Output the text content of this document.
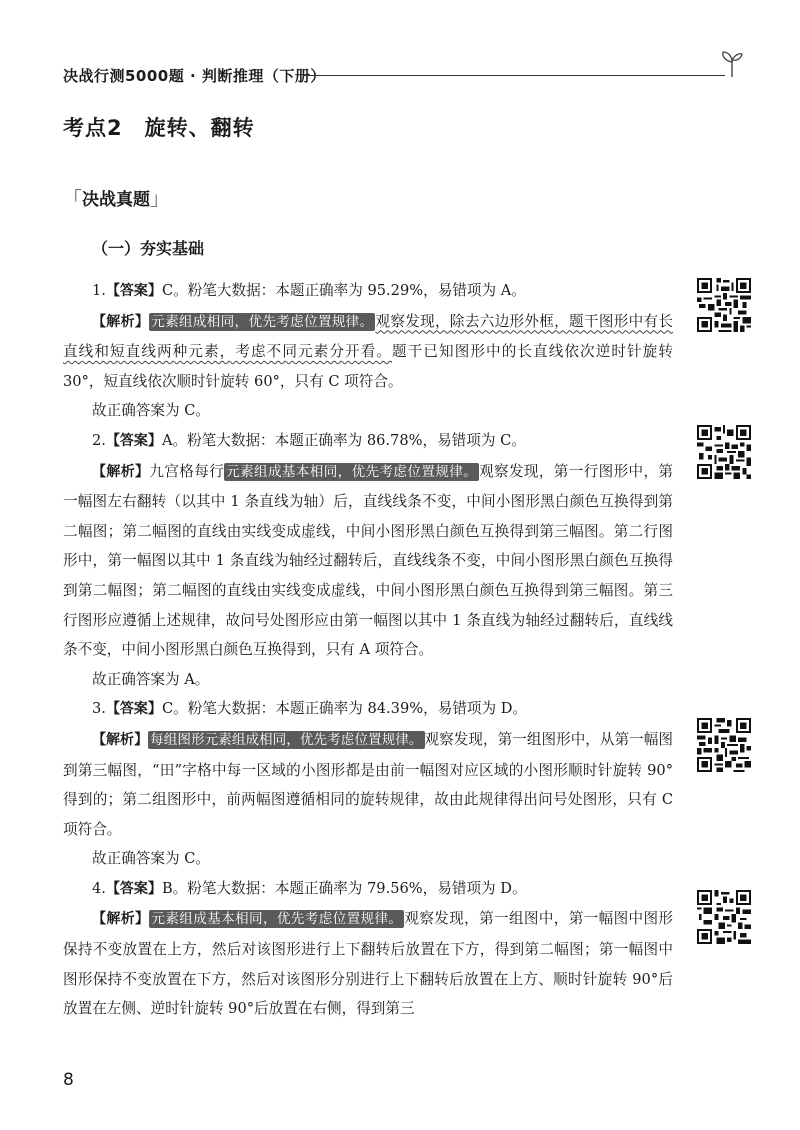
决战行测5000题 · 判断推理（下册）
考点2　旋转、翻转
「决战真题」
（一）夯实基础

1.【答案】C。粉笔大数据：本题正确率为 95.29%，易错项为 A。

【解析】 元素组成相同，优先考虑位置规律。 观察发现，除去六边形外框，题干图形中有长直线和短直线两种元素，考虑不同元素分开看。题干已知图形中的长直线依次逆时针旋转 30°，短直线依次顺时针旋转 60°，只有 C 项符合。

故正确答案为 C。

2.【答案】A。粉笔大数据：本题正确率为 86.78%，易错项为 C。

【解析】九宫格每行 元素组成基本相同，优先考虑位置规律。 观察发现，第一行图形中，第一幅图左右翻转（以其中 1 条直线为轴）后，直线线条不变，中间小图形黑白颜色互换得到第二幅图；第二幅图的直线由实线变成虚线，中间小图形黑白颜色互换得到第三幅图。第二行图形中，第一幅图以其中 1 条直线为轴经过翻转后，直线线条不变，中间小图形黑白颜色互换得到第二幅图；第二幅图的直线由实线变成虚线，中间小图形黑白颜色互换得到第三幅图。第三行图形应遵循上述规律，故问号处图形应由第一幅图以其中 1 条直线为轴经过翻转后，直线线条不变，中间小图形黑白颜色互换得到，只有 A 项符合。

故正确答案为 A。

3.【答案】C。粉笔大数据：本题正确率为 84.39%，易错项为 D。

【解析】 每组图形元素组成相同，优先考虑位置规律。 观察发现，第一组图形中，从第一幅图到第三幅图，“田”字格中每一区域的小图形都是由前一幅图对应区域的小图形顺时针旋转 90° 得到的；第二组图形中，前两幅图遵循相同的旋转规律，故由此规律得出问号处图形，只有 C 项符合。

故正确答案为 C。

4.【答案】B。粉笔大数据：本题正确率为 79.56%，易错项为 D。

【解析】 元素组成基本相同，优先考虑位置规律。 观察发现，第一组图中，第一幅图中图形保持不变放置在上方，然后对该图形进行上下翻转后放置在下方，得到第二幅图；第一幅图中图形保持不变放置在下方，然后对该图形分别进行上下翻转后放置在上方、顺时针旋转 90°后放置在左侧、逆时针旋转 90°后放置在右侧，得到第三

8
